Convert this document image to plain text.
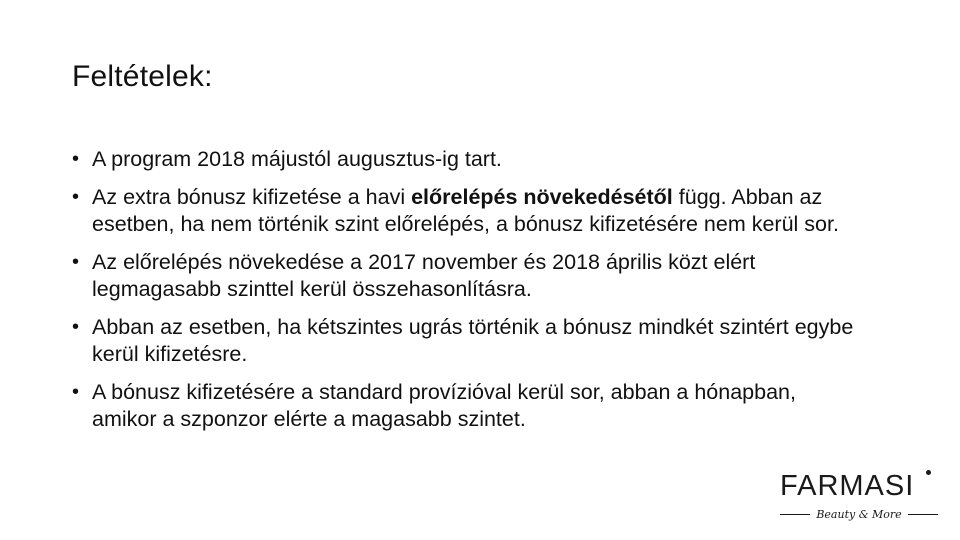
Feltételek:
• A program 2018 májustól augusztus-ig tart.
• Az extra bónusz kifizetése a havi előrelépés növekedésétől függ. Abban az esetben, ha nem történik szint előrelépés, a bónusz kifizetésére nem kerül sor.
• Az előrelépés növekedése a 2017 november és 2018 április közt elért legmagasabb szinttel kerül összehasonlításra.
• Abban az esetben, ha kétszintes ugrás történik a bónusz mindkét szintért egybe kerül kifizetésre.
• A bónusz kifizetésére a standard provízióval kerül sor, abban a hónapban, amikor a szponzor elérte a magasabb szintet.
FARMASI
Beauty & More
